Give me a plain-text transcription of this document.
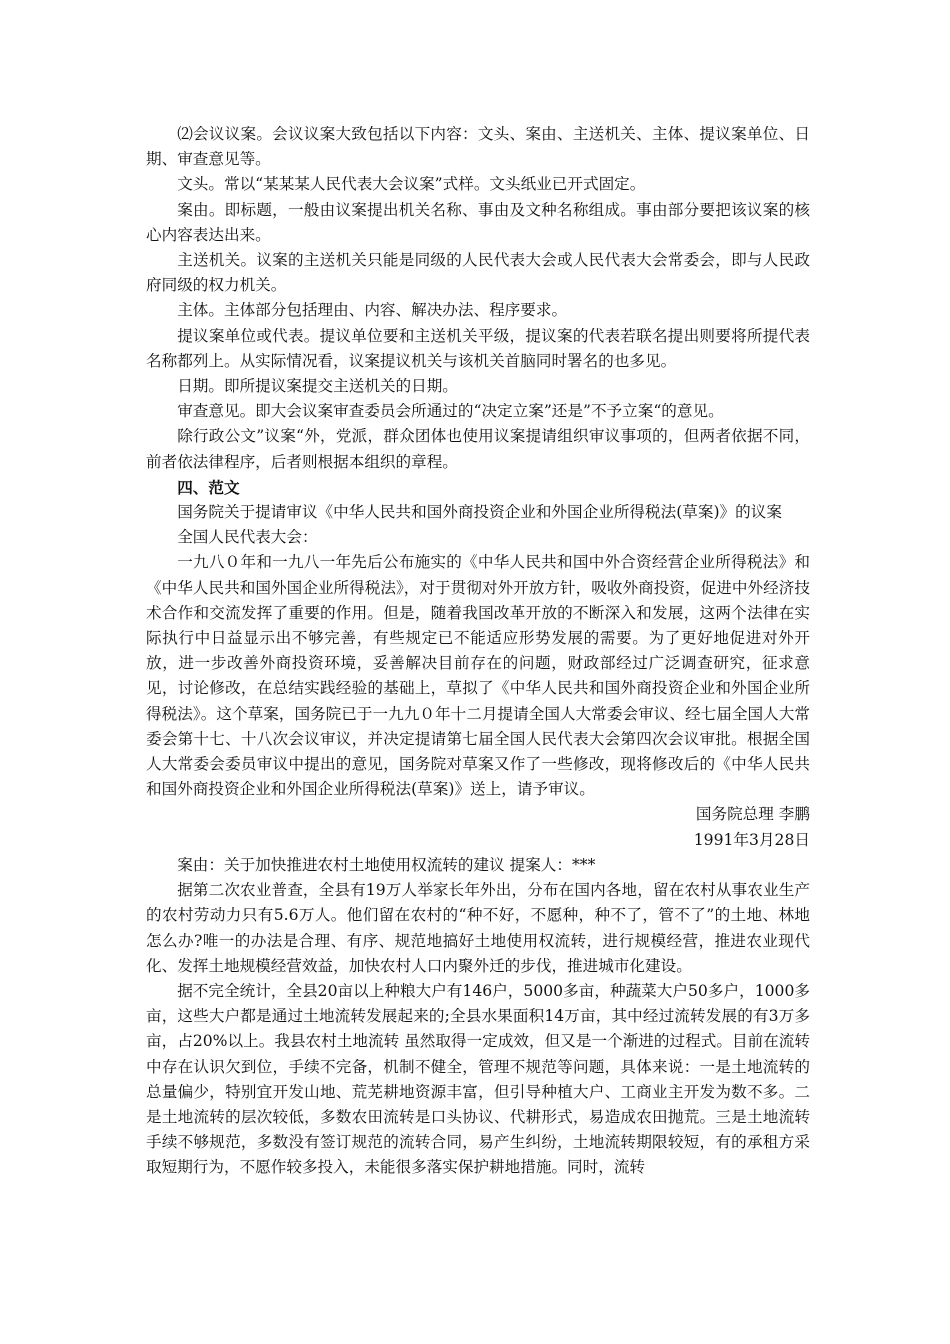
⑵会议议案。会议议案大致包括以下内容：文头、案由、主送机关、主体、提议案单位、日期、审查意见等。

文头。常以“某某某人民代表大会议案”式样。文头纸业已开式固定。

案由。即标题，一般由议案提出机关名称、事由及文种名称组成。事由部分要把该议案的核心内容表达出来。

主送机关。议案的主送机关只能是同级的人民代表大会或人民代表大会常委会，即与人民政府同级的权力机关。

主体。主体部分包括理由、内容、解决办法、程序要求。

提议案单位或代表。提议单位要和主送机关平级，提议案的代表若联名提出则要将所提代表名称都列上。从实际情况看，议案提议机关与该机关首脑同时署名的也多见。

日期。即所提议案提交主送机关的日期。

审查意见。即大会议案审查委员会所通过的“决定立案”还是”不予立案“的意见。

除行政公文”议案“外，党派，群众团体也使用议案提请组织审议事项的，但两者依据不同，前者依法律程序，后者则根据本组织的章程。

四、范文

国务院关于提请审议《中华人民共和国外商投资企业和外国企业所得税法(草案)》的议案

全国人民代表大会：

一九八０年和一九八一年先后公布施实的《中华人民共和国中外合资经营企业所得税法》和《中华人民共和国外国企业所得税法》，对于贯彻对外开放方针，吸收外商投资，促进中外经济技术合作和交流发挥了重要的作用。但是，随着我国改革开放的不断深入和发展，这两个法律在实际执行中日益显示出不够完善，有些规定已不能适应形势发展的需要。为了更好地促进对外开放，进一步改善外商投资环境，妥善解决目前存在的问题，财政部经过广泛调查研究，征求意见，讨论修改，在总结实践经验的基础上，草拟了《中华人民共和国外商投资企业和外国企业所得税法》。这个草案，国务院已于一九九０年十二月提请全国人大常委会审议、经七届全国人大常委会第十七、十八次会议审议，并决定提请第七届全国人民代表大会第四次会议审批。根据全国人大常委会委员审议中提出的意见，国务院对草案又作了一些修改，现将修改后的《中华人民共和国外商投资企业和外国企业所得税法(草案)》送上，请予审议。

国务院总理 李鹏

1991年3月28日

案由：关于加快推进农村土地使用权流转的建议 提案人：***

据第二次农业普查，全县有19万人举家长年外出，分布在国内各地，留在农村从事农业生产的农村劳动力只有5.6万人。他们留在农村的“种不好，不愿种，种不了，管不了”的土地、林地怎么办?唯一的办法是合理、有序、规范地搞好土地使用权流转，进行规模经营，推进农业现代化、发挥土地规模经营效益，加快农村人口内聚外迁的步伐，推进城市化建设。

据不完全统计，全县20亩以上种粮大户有146户，5000多亩，种蔬菜大户50多户，1000多亩，这些大户都是通过土地流转发展起来的;全县水果面积14万亩，其中经过流转发展的有3万多亩，占20%以上。我县农村土地流转 虽然取得一定成效，但又是一个渐进的过程式。目前在流转中存在认识欠到位，手续不完备，机制不健全，管理不规范等问题，具体来说：一是土地流转的总量偏少，特别宜开发山地、荒芜耕地资源丰富，但引导种植大户、工商业主开发为数不多。二是土地流转的层次较低，多数农田流转是口头协议、代耕形式，易造成农田抛荒。三是土地流转手续不够规范，多数没有签订规范的流转合同，易产生纠纷，土地流转期限较短，有的承租方采取短期行为，不愿作较多投入，未能很多落实保护耕地措施。同时，流转
